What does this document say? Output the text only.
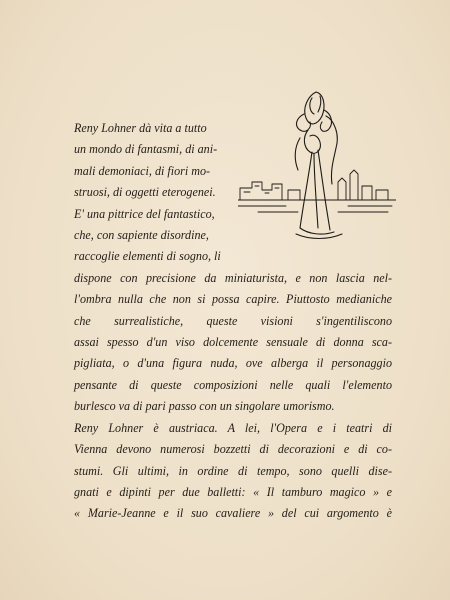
Reny Lohner dà vita a tutto
un mondo di fantasmi, di ani-
mali demoniaci, di fiori mo-
struosi, di oggetti eterogenei.
E' una pittrice del fantastico,
che, con sapiente disordine,
raccoglie elementi di sogno, li
dispone con precisione da miniaturista, e non lascia nel-
l'ombra nulla che non si possa capire. Piuttosto medianiche
che surrealistiche, queste visioni s'ingentiliscono
assai spesso d'un viso dolcemente sensuale di donna sca-
pigliata, o d'una figura nuda, ove alberga il personaggio
pensante di queste composizioni nelle quali l'elemento
burlesco va di pari passo con un singolare umorismo.
Reny Lohner è austriaca. A lei, l'Opera e i teatri di
Vienna devono numerosi bozzetti di decorazioni e di co-
stumi. Gli ultimi, in ordine di tempo, sono quelli dise-
gnati e dipinti per due balletti: « Il tamburo magico » e
« Marie-Jeanne e il suo cavaliere » del cui argomento è
